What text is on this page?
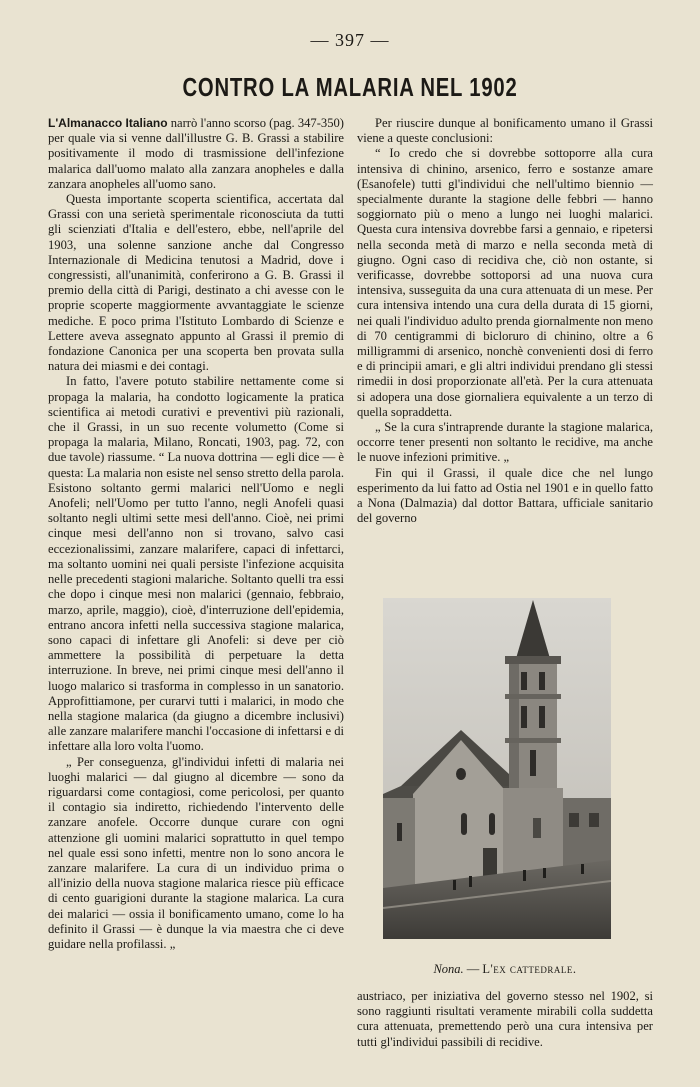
— 397 —
CONTRO LA MALARIA NEL 1902

L'Almanacco Italiano narrò l'anno scorso (pag. 347-350) per quale via si venne dall'illustre G. B. Grassi a stabilire positivamente il modo di trasmissione dell'infezione malarica dall'uomo malato alla zanzara anopheles e dalla zanzara anopheles all'uomo sano.

Questa importante scoperta scientifica, accertata dal Grassi con una serietà sperimentale riconosciuta da tutti gli scienziati d'Italia e dell'estero, ebbe, nell'aprile del 1903, una solenne sanzione anche dal Congresso Internazionale di Medicina tenutosi a Madrid, dove i congressisti, all'unanimità, conferirono a G. B. Grassi il premio della città di Parigi, destinato a chi avesse con le proprie scoperte maggiormente avvantaggiate le scienze mediche. E poco prima l'Istituto Lombardo di Scienze e Lettere aveva assegnato appunto al Grassi il premio di fondazione Canonica per una scoperta ben provata sulla natura dei miasmi e dei contagi.

In fatto, l'avere potuto stabilire nettamente come si propaga la malaria, ha condotto logicamente la pratica scientifica ai metodi curativi e preventivi più razionali, che il Grassi, in un suo recente volumetto (Come si propaga la malaria, Milano, Roncati, 1903, pag. 72, con due tavole) riassume. “ La nuova dottrina — egli dice — è questa: La malaria non esiste nel senso stretto della parola. Esistono soltanto germi malarici nell'Uomo e negli Anofeli; nell'Uomo per tutto l'anno, negli Anofeli quasi soltanto negli ultimi sette mesi dell'anno. Cioè, nei primi cinque mesi dell'anno non si trovano, salvo casi eccezionalissimi, zanzare malarifere, capaci di infettarci, ma soltanto uomini nei quali persiste l'infezione acquisita nelle precedenti stagioni malariche. Soltanto quelli tra essi che dopo i cinque mesi non malarici (gennaio, febbraio, marzo, aprile, maggio), cioè, d'interruzione dell'epidemia, entrano ancora infetti nella successiva stagione malarica, sono capaci di infettare gli Anofeli: si deve per ciò ammettere la possibilità di perpetuare la detta interruzione. In breve, nei primi cinque mesi dell'anno il luogo malarico si trasforma in complesso in un sanatorio. Approfittiamone, per curarvi tutti i malarici, in modo che nella stagione malarica (da giugno a dicembre inclusivi) alle zanzare malarifere manchi l'occasione di infettarsi e di infettare alla loro volta l'uomo.

„ Per conseguenza, gl'individui infetti di malaria nei luoghi malarici — dal giugno al dicembre — sono da riguardarsi come contagiosi, come pericolosi, per quanto il contagio sia indiretto, richiedendo l'intervento delle zanzare anofele. Occorre dunque curare con ogni attenzione gli uomini malarici soprattutto in quel tempo nel quale essi sono infetti, mentre non lo sono ancora le zanzare malarifere. La cura di un individuo prima o all'inizio della nuova stagione malarica riesce più efficace di cento guarigioni durante la stagione malarica. La cura dei malarici — ossia il bonificamento umano, come lo ha definito il Grassi — è dunque la via maestra che ci deve guidare nella profilassi. „

Per riuscire dunque al bonificamento umano il Grassi viene a queste conclusioni:

“ Io credo che si dovrebbe sottoporre alla cura intensiva di chinino, arsenico, ferro e sostanze amare (Esanofele) tutti gl'individui che nell'ultimo biennio — specialmente durante la stagione delle febbri — hanno soggiornato più o meno a lungo nei luoghi malarici. Questa cura intensiva dovrebbe farsi a gennaio, e ripetersi nella seconda metà di marzo e nella seconda metà di giugno. Ogni caso di recidiva che, ciò non ostante, si verificasse, dovrebbe sottoporsi ad una nuova cura intensiva, susseguita da una cura attenuata di un mese. Per cura intensiva intendo una cura della durata di 15 giorni, nei quali l'individuo adulto prenda giornalmente non meno di 70 centigrammi di bicloruro di chinino, oltre a 6 milligrammi di arsenico, nonchè convenienti dosi di ferro e di principii amari, e gli altri individui prendano gli stessi rimedii in dosi proporzionate all'età. Per la cura attenuata si adopera una dose giornaliera equivalente a un terzo di quella sopraddetta.

„ Se la cura s'intraprende durante la stagione malarica, occorre tener presenti non soltanto le recidive, ma anche le nuove infezioni primitive. „

Fin qui il Grassi, il quale dice che nel lungo esperimento da lui fatto ad Ostia nel 1901 e in quello fatto a Nona (Dalmazia) dal dottor Battara, ufficiale sanitario del governo

Nona. — L'ex cattedrale.

austriaco, per iniziativa del governo stesso nel 1902, si sono raggiunti risultati veramente mirabili colla suddetta cura attenuata, premettendo però una cura intensiva per tutti gl'individui passibili di recidive.
